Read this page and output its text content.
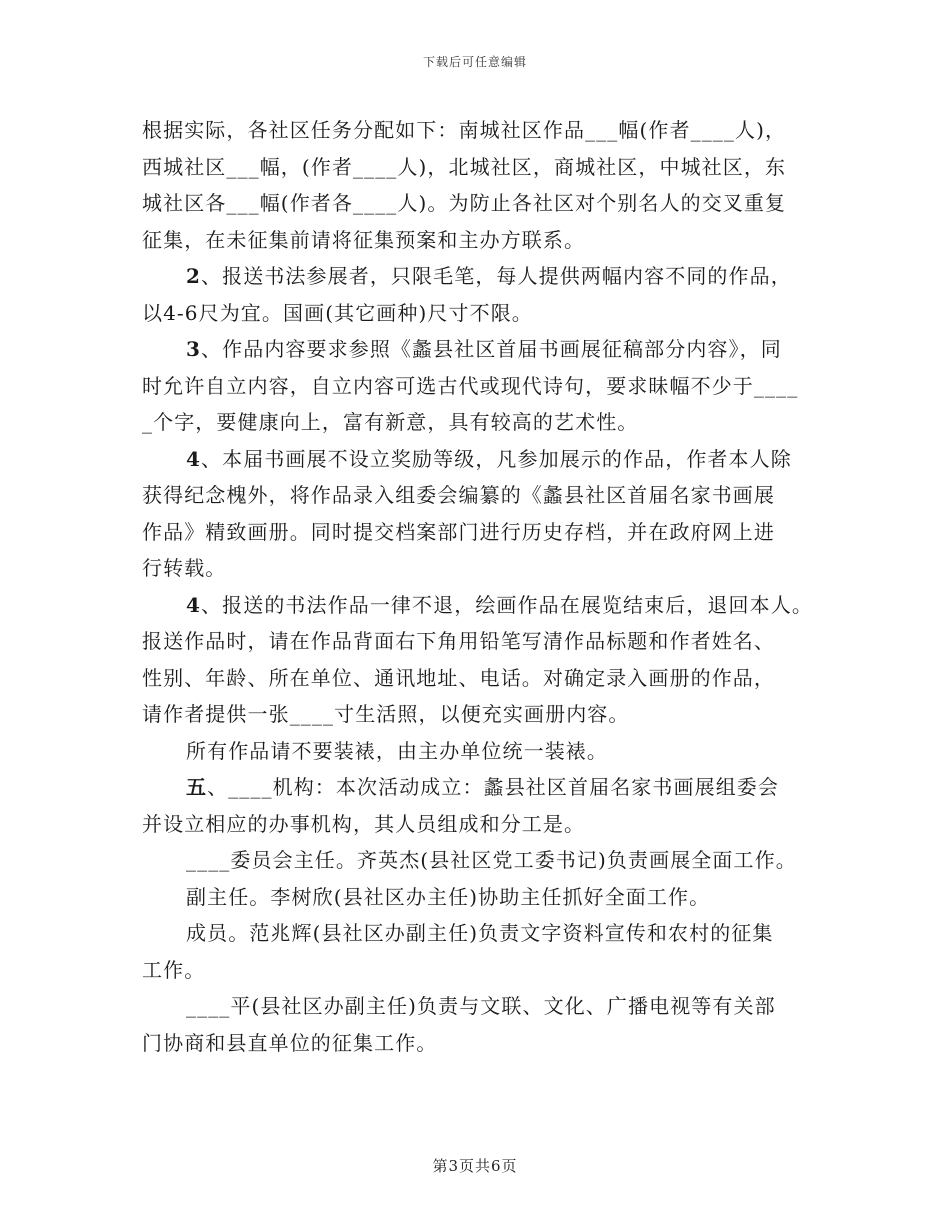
下载后可任意编辑
根据实际，各社区任务分配如下：南城社区作品___幅(作者____人)，
西城社区___幅，(作者____人)，北城社区，商城社区，中城社区，东
城社区各___幅(作者各____人)。为防止各社区对个别名人的交叉重复
征集，在未征集前请将征集预案和主办方联系。
2、报送书法参展者，只限毛笔，每人提供两幅内容不同的作品，
以4-6尺为宜。国画(其它画种)尺寸不限。
3、作品内容要求参照《蠡县社区首届书画展征稿部分内容》，同
时允许自立内容，自立内容可选古代或现代诗句，要求昧幅不少于____
_个字，要健康向上，富有新意，具有较高的艺术性。
4、本届书画展不设立奖励等级，凡参加展示的作品，作者本人除
获得纪念槐外，将作品录入组委会编纂的《蠡县社区首届名家书画展
作品》精致画册。同时提交档案部门进行历史存档，并在政府网上进
行转载。
4、报送的书法作品一律不退，绘画作品在展览结束后，退回本人。
报送作品时，请在作品背面右下角用铅笔写清作品标题和作者姓名、
性别、年龄、所在单位、通讯地址、电话。对确定录入画册的作品，
请作者提供一张____寸生活照，以便充实画册内容。
所有作品请不要装裱，由主办单位统一装裱。
五、____机构：本次活动成立：蠡县社区首届名家书画展组委会
并设立相应的办事机构，其人员组成和分工是。
____委员会主任。齐英杰(县社区党工委书记)负责画展全面工作。
副主任。李树欣(县社区办主任)协助主任抓好全面工作。
成员。范兆辉(县社区办副主任)负责文字资料宣传和农村的征集
工作。
____平(县社区办副主任)负责与文联、文化、广播电视等有关部
门协商和县直单位的征集工作。
第3页共6页
